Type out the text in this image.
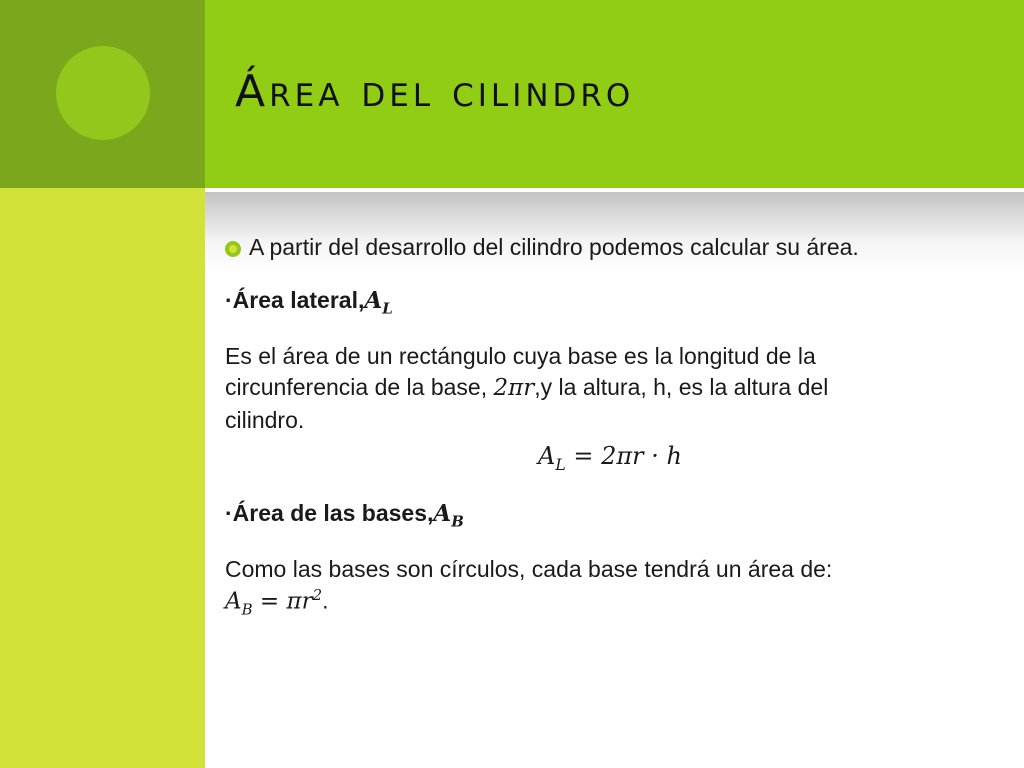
Área del cilindro
A partir del desarrollo del cilindro podemos calcular su área.
·Área $lateral,A_L$
Es el área de un rectángulo cuya base es la longitud de la
circunferencia de la base, 2πr,y la altura, h, es la altura del
cilindro.
$A_L = 2\pi r \cdot h$
·Área de las $bases,A_B$
Como las bases son círculos, cada base tendrá un área de:
$A_B = \pi r^2$.
